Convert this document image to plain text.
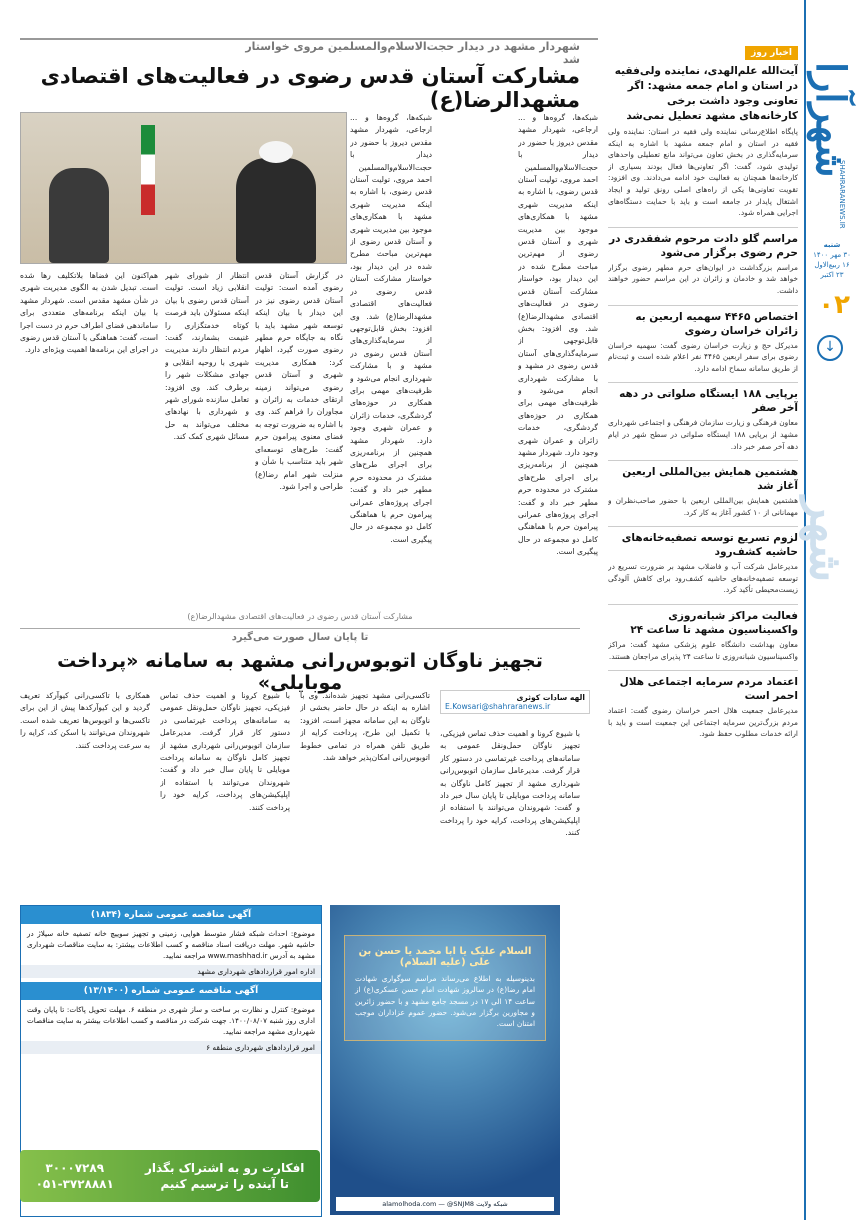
شهرآرا
شنبه
۳۰ مهر ۱۴۰۰
۱۶ ربیع‌الاول
۲۳ اکتبر
۰۲
↓
شهر
SHAHRARANEWS.IR
شهردار مشهد در دیدار حجت‌الاسلام‌والمسلمین مروی خواستار شد
مشارکت آستان قدس رضوی در فعالیت‌های اقتصادی مشهدالرضا(ع)
شبکه‌ها، گروه‌ها و ... ارجاعی، شهردار مشهد مقدس دیروز با حضور در دیدار با حجت‌الاسلام‌والمسلمین احمد مروی، تولیت آستان قدس رضوی، با اشاره به اینکه مدیریت شهری مشهد با همکاری‌های موجود بین مدیریت شهری و آستان قدس رضوی از مهم‌ترین مباحث مطرح شده در این دیدار بود، خواستار مشارکت آستان قدس رضوی در فعالیت‌های اقتصادی مشهدالرضا(ع) شد. وی افزود: بخش قابل‌توجهی از سرمایه‌گذاری‌های آستان قدس رضوی در مشهد و با مشارکت شهرداری انجام می‌شود و ظرفیت‌های مهمی برای همکاری در حوزه‌های گردشگری، خدمات زائران و عمران شهری وجود دارد. شهردار مشهد همچنین از برنامه‌ریزی برای اجرای طرح‌های مشترک در محدوده حرم مطهر خبر داد و گفت: اجرای پروژه‌های عمرانی پیرامون حرم با هماهنگی کامل دو مجموعه در حال پیگیری است.
در گزارش آستان قدس رضوی آمده است: تولیت آستان قدس رضوی نیز در این دیدار با بیان اینکه توسعه شهر مشهد باید با نگاه به جایگاه حرم مطهر رضوی صورت گیرد، اظهار کرد: همکاری مدیریت شهری و آستان قدس رضوی می‌تواند زمینه ارتقای خدمات به زائران و مجاوران را فراهم کند. وی با اشاره به ضرورت توجه به فضای معنوی پیرامون حرم گفت: طرح‌های توسعه‌ای شهر باید متناسب با شأن و منزلت شهر امام رضا(ع) طراحی و اجرا شود.
انتظار از شورای شهر انقلابی زیاد است. تولیت آستان قدس رضوی با بیان اینکه مسئولان باید فرصت کوتاه خدمتگزاری را غنیمت بشمارند، گفت: مردم انتظار دارند مدیریت شهری با روحیه انقلابی و جهادی مشکلات شهر را برطرف کند. وی افزود: تعامل سازنده شورای شهر و شهرداری با نهادهای مختلف می‌تواند به حل مسائل شهری کمک کند.
هم‌اکنون این فضاها بلاتکلیف رها شده است. تبدیل شدن به الگوی مدیریت شهری در شأن مشهد مقدس است. شهردار مشهد با بیان اینکه برنامه‌های متعددی برای ساماندهی فضای اطراف حرم در دست اجرا است، گفت: هماهنگی با آستان قدس رضوی در اجرای این برنامه‌ها اهمیت ویژه‌ای دارد.
شبکه‌ها، گروه‌ها و ... ارجاعی، شهردار مشهد مقدس دیروز با حضور در دیدار با حجت‌الاسلام‌والمسلمین احمد مروی، تولیت آستان قدس رضوی، با اشاره به اینکه مدیریت شهری مشهد با همکاری‌های موجود بین مدیریت شهری و آستان قدس رضوی از مهم‌ترین مباحث مطرح شده در این دیدار بود، خواستار مشارکت آستان قدس رضوی در فعالیت‌های اقتصادی مشهدالرضا(ع) شد. وی افزود: بخش قابل‌توجهی از سرمایه‌گذاری‌های آستان قدس رضوی در مشهد و با مشارکت شهرداری انجام می‌شود و ظرفیت‌های مهمی برای همکاری در حوزه‌های گردشگری، خدمات زائران و عمران شهری وجود دارد. شهردار مشهد همچنین از برنامه‌ریزی برای اجرای طرح‌های مشترک در محدوده حرم مطهر خبر داد و گفت: اجرای پروژه‌های عمرانی پیرامون حرم با هماهنگی کامل دو مجموعه در حال پیگیری است.
مشارکت آستان قدس رضوی در فعالیت‌های اقتصادی مشهدالرضا(ع)
اخبار روز
آیت‌الله علم‌الهدی، نماینده ولی‌فقیه در استان و امام جمعه مشهد: اگر تعاونی وجود داشت برخی کارخانه‌های مشهد تعطیل نمی‌شد
پایگاه اطلاع‌رسانی نماینده ولی فقیه در استان: نماینده ولی فقیه در استان و امام جمعه مشهد با اشاره به اینکه سرمایه‌گذاری در بخش تعاون می‌تواند مانع تعطیلی واحدهای تولیدی شود، گفت: اگر تعاونی‌ها فعال بودند بسیاری از کارخانه‌ها همچنان به فعالیت خود ادامه می‌دادند. وی افزود: تقویت تعاونی‌ها یکی از راه‌های اصلی رونق تولید و ایجاد اشتغال پایدار در جامعه است و باید با حمایت دستگاه‌های اجرایی همراه شود.
مراسم گلو دادت مرحوم شفقدری در حرم رضوی برگزار می‌شود
مراسم بزرگداشت در ایوان‌های حرم مطهر رضوی برگزار خواهد شد و خادمان و زائران در این مراسم حضور خواهند داشت.
اختصاص ۴۴۶۵ سهمیه اربعین به زائران خراسان رضوی
مدیرکل حج و زیارت خراسان رضوی گفت: سهمیه خراسان رضوی برای سفر اربعین ۴۴۶۵ نفر اعلام شده است و ثبت‌نام از طریق سامانه سماح ادامه دارد.
برپایی ۱۸۸ ایستگاه صلواتی در دهه آخر صفر
معاون فرهنگی و زیارت سازمان فرهنگی و اجتماعی شهرداری مشهد از برپایی ۱۸۸ ایستگاه صلواتی در سطح شهر در ایام دهه آخر صفر خبر داد.
هشتمین همایش بین‌المللی اربعین آغاز شد
هشتمین همایش بین‌المللی اربعین با حضور صاحب‌نظران و مهمانانی از ۱۰ کشور آغاز به کار کرد.
لزوم تسریع توسعه تصفیه‌خانه‌های حاشیه کشف‌رود
مدیرعامل شرکت آب و فاضلاب مشهد بر ضرورت تسریع در توسعه تصفیه‌خانه‌های حاشیه کشف‌رود برای کاهش آلودگی زیست‌محیطی تأکید کرد.
فعالیت مراکز شبانه‌روزی واکسیناسیون مشهد تا ساعت ۲۴
معاون بهداشت دانشگاه علوم پزشکی مشهد گفت: مراکز واکسیناسیون شبانه‌روزی تا ساعت ۲۴ پذیرای مراجعان هستند.
اعتماد مردم سرمایه اجتماعی هلال احمر است
مدیرعامل جمعیت هلال احمر خراسان رضوی گفت: اعتماد مردم بزرگ‌ترین سرمایه اجتماعی این جمعیت است و باید با ارائه خدمات مطلوب حفظ شود.
تا پایان سال صورت می‌گیرد
تجهیز ناوگان اتوبوس‌رانی مشهد به سامانه «پرداخت موبایلی»
الهه سادات کوثری
E.Kowsari@shahraranews.ir
با شیوع کرونا و اهمیت حذف تماس فیزیکی، تجهیز ناوگان حمل‌ونقل عمومی به سامانه‌های پرداخت غیرتماسی در دستور کار قرار گرفت. مدیرعامل سازمان اتوبوس‌رانی شهرداری مشهد از تجهیز کامل ناوگان به سامانه پرداخت موبایلی تا پایان سال خبر داد و گفت: شهروندان می‌توانند با استفاده از اپلیکیشن‌های پرداخت، کرایه خود را پرداخت کنند.
تاکسی‌رانی مشهد تجهیز شده‌اند. وی با اشاره به اینکه در حال حاضر بخشی از ناوگان به این سامانه مجهز است، افزود: با تکمیل این طرح، پرداخت کرایه از طریق تلفن همراه در تمامی خطوط اتوبوس‌رانی امکان‌پذیر خواهد شد.
با شیوع کرونا و اهمیت حذف تماس فیزیکی، تجهیز ناوگان حمل‌ونقل عمومی به سامانه‌های پرداخت غیرتماسی در دستور کار قرار گرفت. مدیرعامل سازمان اتوبوس‌رانی شهرداری مشهد از تجهیز کامل ناوگان به سامانه پرداخت موبایلی تا پایان سال خبر داد و گفت: شهروندان می‌توانند با استفاده از اپلیکیشن‌های پرداخت، کرایه خود را پرداخت کنند.
همکاری با تاکسی‌رانی کیوآرکد تعریف گردید و این کیوآرکدها پیش از این برای تاکسی‌ها و اتوبوس‌ها تعریف شده است. شهروندان می‌توانند با اسکن کد، کرایه را به سرعت پرداخت کنند.
آگهی مناقصه عمومی شماره (۱۸۳۴)
موضوع: احداث شبکه فشار متوسط هوایی، زمینی و تجهیز سوییچ خانه تصفیه خانه سیلاژ در حاشیه شهر. مهلت دریافت اسناد مناقصه و کسب اطلاعات بیشتر: به سایت مناقصات شهرداری مشهد به آدرس www.mashhad.ir مراجعه نمایید.
اداره امور قراردادهای شهرداری مشهد
آگهی مناقصه عمومی شماره (۱۳/۱۴۰۰)
موضوع: کنترل و نظارت بر ساخت و ساز شهری در منطقه ۶. مهلت تحویل پاکات: تا پایان وقت اداری روز شنبه ۱۴۰۰/۰۸/۰۷. جهت شرکت در مناقصه و کسب اطلاعات بیشتر به سایت مناقصات شهرداری مشهد مراجعه نمایید.
امور قراردادهای شهرداری منطقه ۶
افکارت رو به اشتراک بگذار
تا آینده را ترسیم کنیم
۳۰۰۰۷۲۸۹
۰۵۱-۳۷۲۸۸۸۱
السلام علیک یا ابا محمد یا حسن بن علی (علیه السلام)
بدینوسیله به اطلاع می‌رساند مراسم سوگواری شهادت امام رضا(ع) در سالروز شهادت امام حسن عسکری(ع) از ساعت ۱۴ الی ۱۷ در مسجد جامع مشهد و با حضور زائرین و مجاورین برگزار می‌شود. حضور عموم عزاداران موجب امتنان است.
شبکه ولایت alamolhoda.com — @SNJM8
